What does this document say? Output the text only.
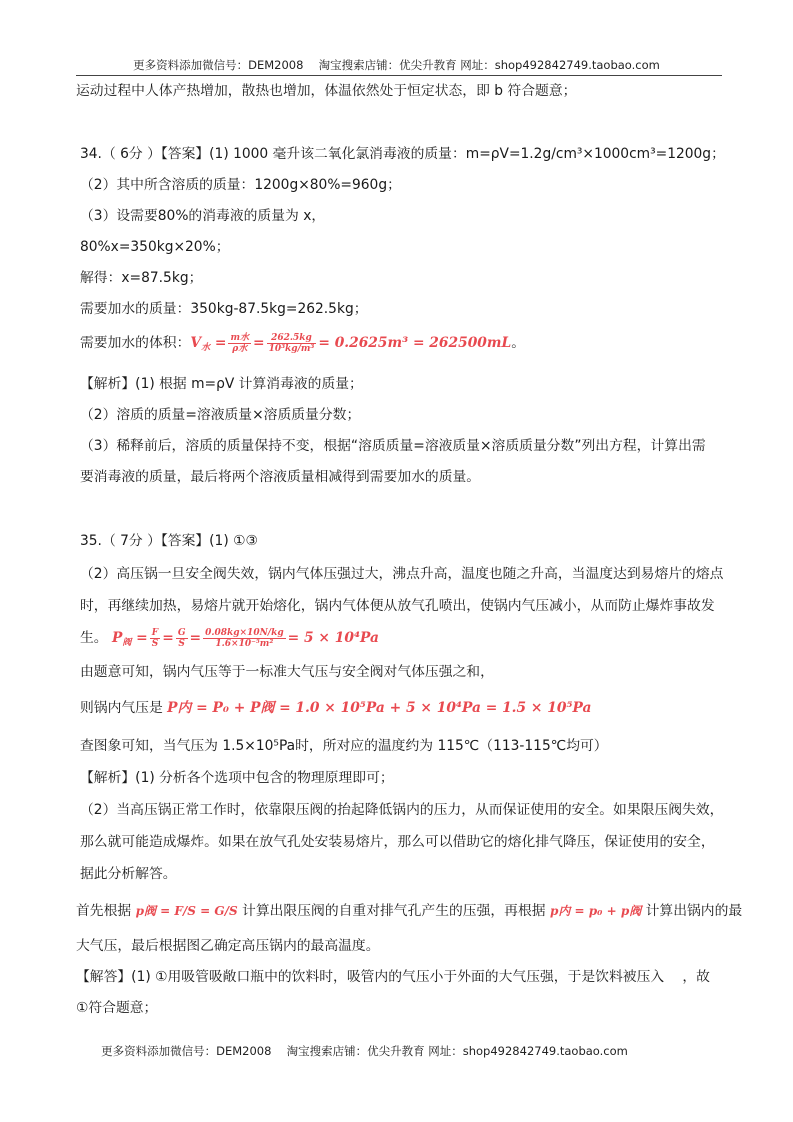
更多资料添加微信号：DEM2008　 淘宝搜索店铺：优尖升教育 网址：shop492842749.taobao.com
运动过程中人体产热增加，散热也增加，体温依然处于恒定状态，即 b 符合题意；
34.（ 6分 ）【答案】(1) 1000 毫升该二氧化氯消毒液的质量：m=ρV=1.2g/cm³×1000cm³=1200g；
（2）其中所含溶质的质量：1200g×80%=960g；
（3）设需要80%的消毒液的质量为 x，
80%x=350kg×20%；
解得：x=87.5kg；
需要加水的质量：350kg-87.5kg=262.5kg；
需要加水的体积：$V_水 = \frac{\text{m水}}{\text{ρ水}} = \frac{262.5kg}{\text{10³kg/m³}} = 0.2625m^3 = 262500mL$。
【解析】(1) 根据 m=ρV 计算消毒液的质量；
（2）溶质的质量=溶液质量×溶质质量分数；
（3）稀释前后，溶质的质量保持不变，根据“溶质质量=溶液质量×溶质质量分数”列出方程，计算出需
要消毒液的质量，最后将两个溶液质量相减得到需要加水的质量。
35.（ 7分 ）【答案】(1) ①③
（2）高压锅一旦安全阀失效，锅内气体压强过大，沸点升高，温度也随之升高，当温度达到易熔片的熔点
时，再继续加热，易熔片就开始熔化，锅内气体便从放气孔喷出，使锅内气压减小，从而防止爆炸事故发
生。 $P_阀 = \frac{F}{S} = \frac{G}{S} = \frac{0.08kg\times 10N/kg}{\text{1.6×10⁻⁵m²}} = 5 \times 10^4Pa$
由题意可知，锅内气压等于一标准大气压与安全阀对气体压强之和，
则锅内气压是 P内 = P₀ + P阀 = 1.0 × 10⁵Pa + 5 × 10⁴Pa = 1.5 × 10⁵Pa
查图象可知，当气压为 1.5×10⁵Pa时，所对应的温度约为 115℃（113-115℃均可）
【解析】(1) 分析各个选项中包含的物理原理即可；
（2）当高压锅正常工作时，依靠限压阀的抬起降低锅内的压力，从而保证使用的安全。如果限压阀失效，
那么就可能造成爆炸。如果在放气孔处安装易熔片，那么可以借助它的熔化排气降压，保证使用的安全，
据此分析解答。
首先根据 p阀 = F/S = G/S 计算出限压阀的自重对排气孔产生的压强，再根据 p内 = p₀ + p阀 计算出锅内的最
大气压，最后根据图乙确定高压锅内的最高温度。
【解答】(1) ①用吸管吸敞口瓶中的饮料时，吸管内的气压小于外面的大气压强，于是饮料被压入　 ，故
①符合题意；
更多资料添加微信号：DEM2008　 淘宝搜索店铺：优尖升教育 网址：shop492842749.taobao.com
